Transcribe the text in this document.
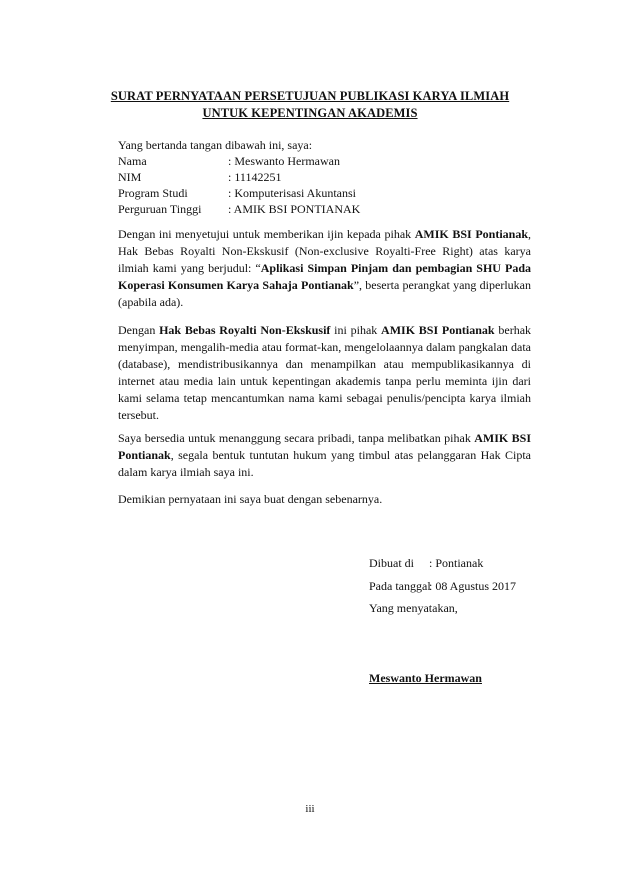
SURAT PERNYATAAN PERSETUJUAN PUBLIKASI KARYA ILMIAH
UNTUK KEPENTINGAN AKADEMIS
Yang bertanda tangan dibawah ini, saya:
Nama	: Meswanto Hermawan
NIM	: 11142251
Program Studi	: Komputerisasi Akuntansi
Perguruan Tinggi : AMIK BSI PONTIANAK
Dengan ini menyetujui untuk memberikan ijin kepada pihak AMIK BSI Pontianak, Hak Bebas Royalti Non-Ekskusif (Non-exclusive Royalti-Free Right) atas karya ilmiah kami yang berjudul: “Aplikasi Simpan Pinjam dan pembagian SHU Pada Koperasi Konsumen Karya Sahaja Pontianak”, beserta perangkat yang diperlukan (apabila ada).
Dengan Hak Bebas Royalti Non-Ekskusif ini pihak AMIK BSI Pontianak berhak menyimpan, mengalih-media atau format-kan, mengelolaannya dalam pangkalan data (database), mendistribusikannya dan menampilkan atau mempublikasikannya di internet atau media lain untuk kepentingan akademis tanpa perlu meminta ijin dari kami selama tetap mencantumkan nama kami sebagai penulis/pencipta karya ilmiah tersebut.
Saya bersedia untuk menanggung secara pribadi, tanpa melibatkan pihak AMIK BSI Pontianak, segala bentuk tuntutan hukum yang timbul atas pelanggaran Hak Cipta dalam karya ilmiah saya ini.
Demikian pernyataan ini saya buat dengan sebenarnya.
Dibuat di : Pontianak
Pada tanggal: 08 Agustus 2017
Yang menyatakan,
Meswanto Hermawan
iii
